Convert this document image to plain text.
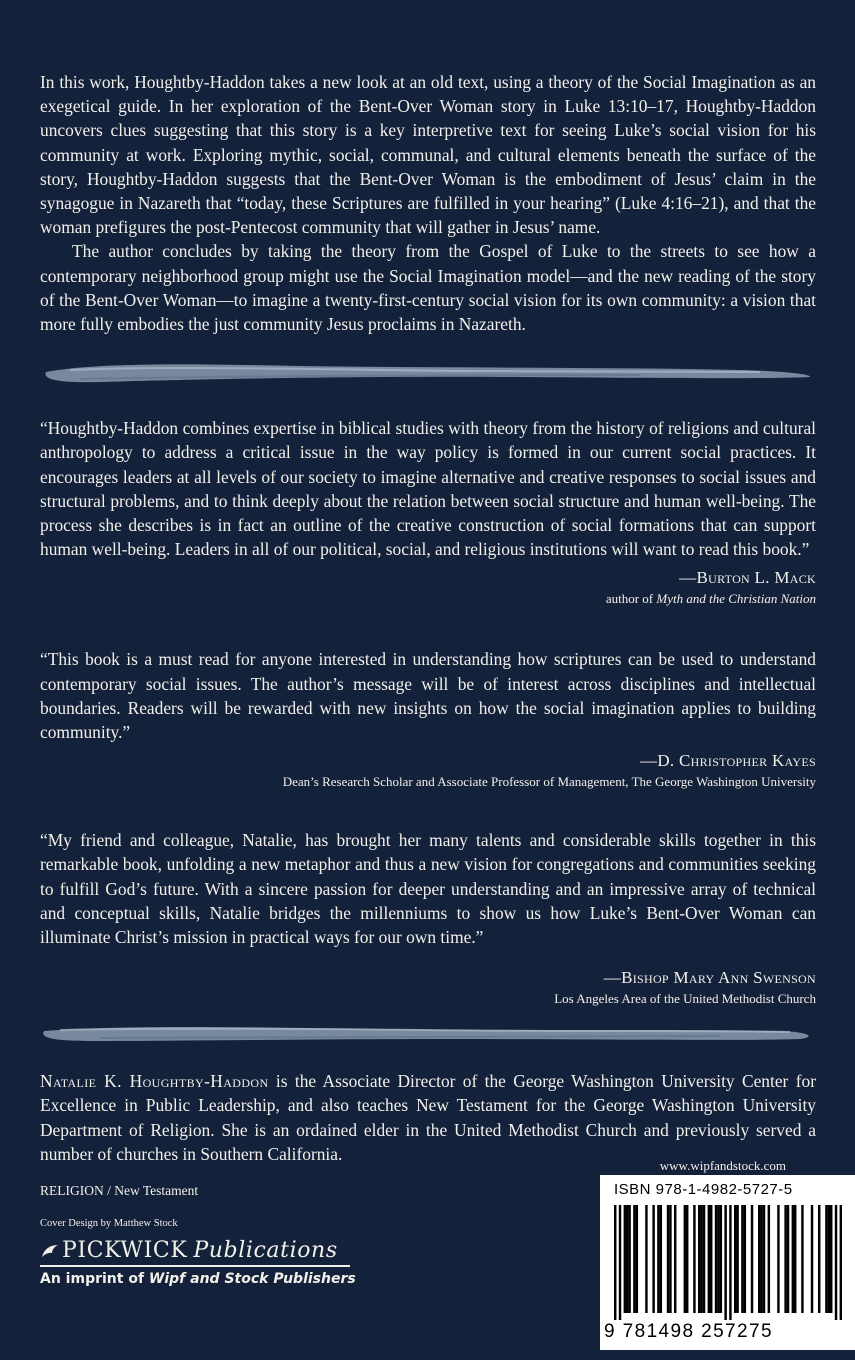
In this work, Houghtby-Haddon takes a new look at an old text, using a theory of the Social Imagination as an exegetical guide. In her exploration of the Bent-Over Woman story in Luke 13:10–17, Houghtby-Haddon uncovers clues suggesting that this story is a key interpretive text for seeing Luke’s social vision for his community at work. Exploring mythic, social, communal, and cultural elements beneath the surface of the story, Houghtby-Haddon suggests that the Bent-Over Woman is the embodiment of Jesus’ claim in the synagogue in Nazareth that “today, these Scriptures are fulfilled in your hearing” (Luke 4:16–21), and that the woman prefigures the post-Pentecost community that will gather in Jesus’ name.

The author concludes by taking the theory from the Gospel of Luke to the streets to see how a contemporary neighborhood group might use the Social Imagination model—and the new reading of the story of the Bent-Over Woman—to imagine a twenty-first-century social vision for its own community: a vision that more fully embodies the just community Jesus proclaims in Nazareth.

“Houghtby-Haddon combines expertise in biblical studies with theory from the history of religions and cultural anthropology to address a critical issue in the way policy is formed in our current social practices. It encourages leaders at all levels of our society to imagine alternative and creative responses to social issues and structural problems, and to think deeply about the relation between social structure and human well-being. The process she describes is in fact an outline of the creative construction of social formations that can support human well-being. Leaders in all of our political, social, and religious institutions will want to read this book.”

—Burton L. Mack
author of Myth and the Christian Nation

“This book is a must read for anyone interested in understanding how scriptures can be used to understand contemporary social issues. The author’s message will be of interest across disciplines and intellectual boundaries. Readers will be rewarded with new insights on how the social imagination applies to building community.”

—D. Christopher Kayes
Dean’s Research Scholar and Associate Professor of Management, The George Washington University

“My friend and colleague, Natalie, has brought her many talents and considerable skills together in this remarkable book, unfolding a new metaphor and thus a new vision for congregations and communities seeking to fulfill God’s future. With a sincere passion for deeper understanding and an impressive array of technical and conceptual skills, Natalie bridges the millenniums to show us how Luke’s Bent-Over Woman can illuminate Christ’s mission in practical ways for our own time.”

—Bishop Mary Ann Swenson
Los Angeles Area of the United Methodist Church

Natalie K. Houghtby-Haddon is the Associate Director of the George Washington University Center for Excellence in Public Leadership, and also teaches New Testament for the George Washington University Department of Religion. She is an ordained elder in the United Methodist Church and previously served a number of churches in Southern California.

RELIGION / New Testament
Cover Design by Matthew Stock
PICKWICK Publications
An imprint of Wipf and Stock Publishers
www.wipfandstock.com
ISBN 978-1-4982-5727-5
9 781498 257275
